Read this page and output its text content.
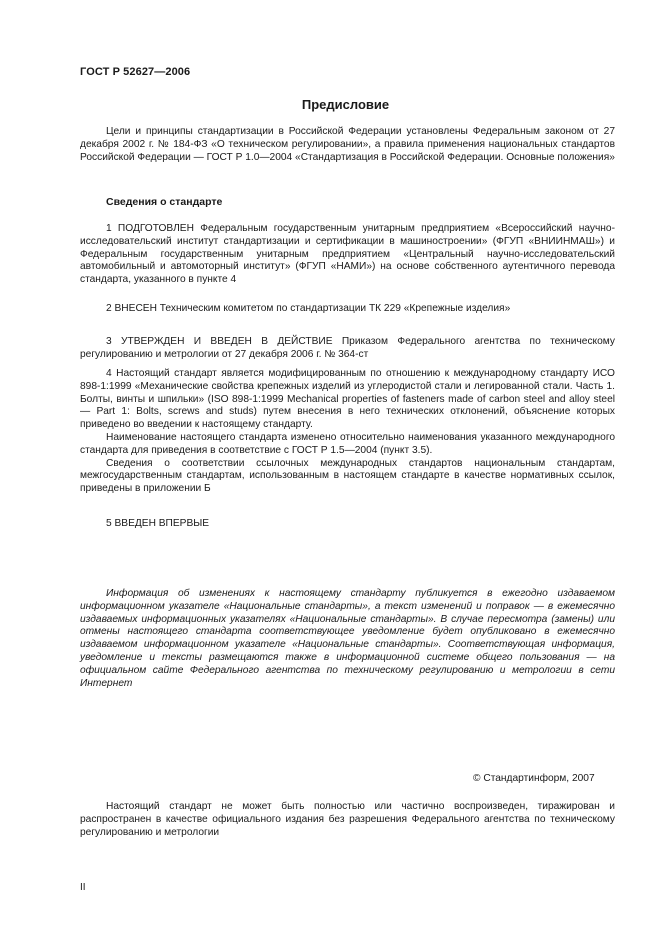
ГОСТ Р 52627—2006
Предисловие

Цели и принципы стандартизации в Российской Федерации установлены Федеральным законом от 27 декабря 2002 г. № 184-ФЗ «О техническом регулировании», а правила применения национальных стандартов Российской Федерации — ГОСТ Р 1.0—2004 «Стандартизация в Российской Федерации. Основные положения»

Сведения о стандарте

1 ПОДГОТОВЛЕН Федеральным государственным унитарным предприятием «Всероссийский научно-исследовательский институт стандартизации и сертификации в машиностроении» (ФГУП «ВНИИНМАШ») и Федеральным государственным унитарным предприятием «Центральный научно-исследовательский автомобильный и автомоторный институт» (ФГУП «НАМИ») на основе собственного аутентичного перевода стандарта, указанного в пункте 4

2 ВНЕСЕН Техническим комитетом по стандартизации ТК 229 «Крепежные изделия»

3 УТВЕРЖДЕН И ВВЕДЕН В ДЕЙСТВИЕ Приказом Федерального агентства по техническому регулированию и метрологии от 27 декабря 2006 г. № 364-ст

4 Настоящий стандарт является модифицированным по отношению к международному стандарту ИСО 898-1:1999 «Механические свойства крепежных изделий из углеродистой стали и легированной стали. Часть 1. Болты, винты и шпильки» (ISO 898-1:1999 Mechanical properties of fasteners made of carbon steel and alloy steel — Part 1: Bolts, screws and studs) путем внесения в него технических отклонений, объяснение которых приведено во введении к настоящему стандарту.

Наименование настоящего стандарта изменено относительно наименования указанного международного стандарта для приведения в соответствие с ГОСТ Р 1.5—2004 (пункт 3.5).

Сведения о соответствии ссылочных международных стандартов национальным стандартам, межгосударственным стандартам, использованным в настоящем стандарте в качестве нормативных ссылок, приведены в приложении Б

5 ВВЕДЕН ВПЕРВЫЕ

Информация об изменениях к настоящему стандарту публикуется в ежегодно издаваемом информационном указателе «Национальные стандарты», а текст изменений и поправок — в ежемесячно издаваемых информационных указателях «Национальные стандарты». В случае пересмотра (замены) или отмены настоящего стандарта соответствующее уведомление будет опубликовано в ежемесячно издаваемом информационном указателе «Национальные стандарты». Соответствующая информация, уведомление и тексты размещаются также в информационной системе общего пользования — на официальном сайте Федерального агентства по техническому регулированию и метрологии в сети Интернет

© Стандартинформ, 2007

Настоящий стандарт не может быть полностью или частично воспроизведен, тиражирован и распространен в качестве официального издания без разрешения Федерального агентства по техническому регулированию и метрологии

II
